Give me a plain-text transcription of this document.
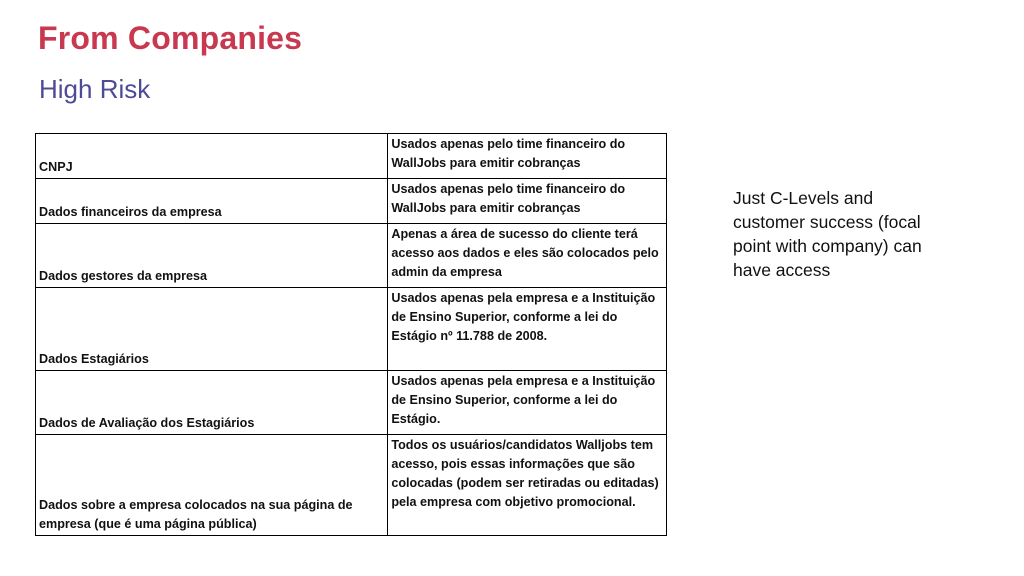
From Companies
High Risk
CNPJ	Usados apenas pelo time financeiro do WallJobs para emitir cobranças
Dados financeiros da empresa	Usados apenas pelo time financeiro do WallJobs para emitir cobranças
Dados gestores da empresa	Apenas a área de sucesso do cliente terá acesso aos dados e eles são colocados pelo admin da empresa
Dados Estagiários	Usados apenas pela empresa e a Instituição de Ensino Superior, conforme a lei do Estágio nº 11.788 de 2008.
Dados de Avaliação dos Estagiários	Usados apenas pela empresa e a Instituição de Ensino Superior, conforme a lei do Estágio.
Dados sobre a empresa colocados na sua página de empresa (que é uma página pública)	Todos os usuários/candidatos Walljobs tem acesso, pois essas informações que são colocadas (podem ser retiradas ou editadas) pela empresa com objetivo promocional.

Just C-Levels and customer success (focal point with company) can have access
